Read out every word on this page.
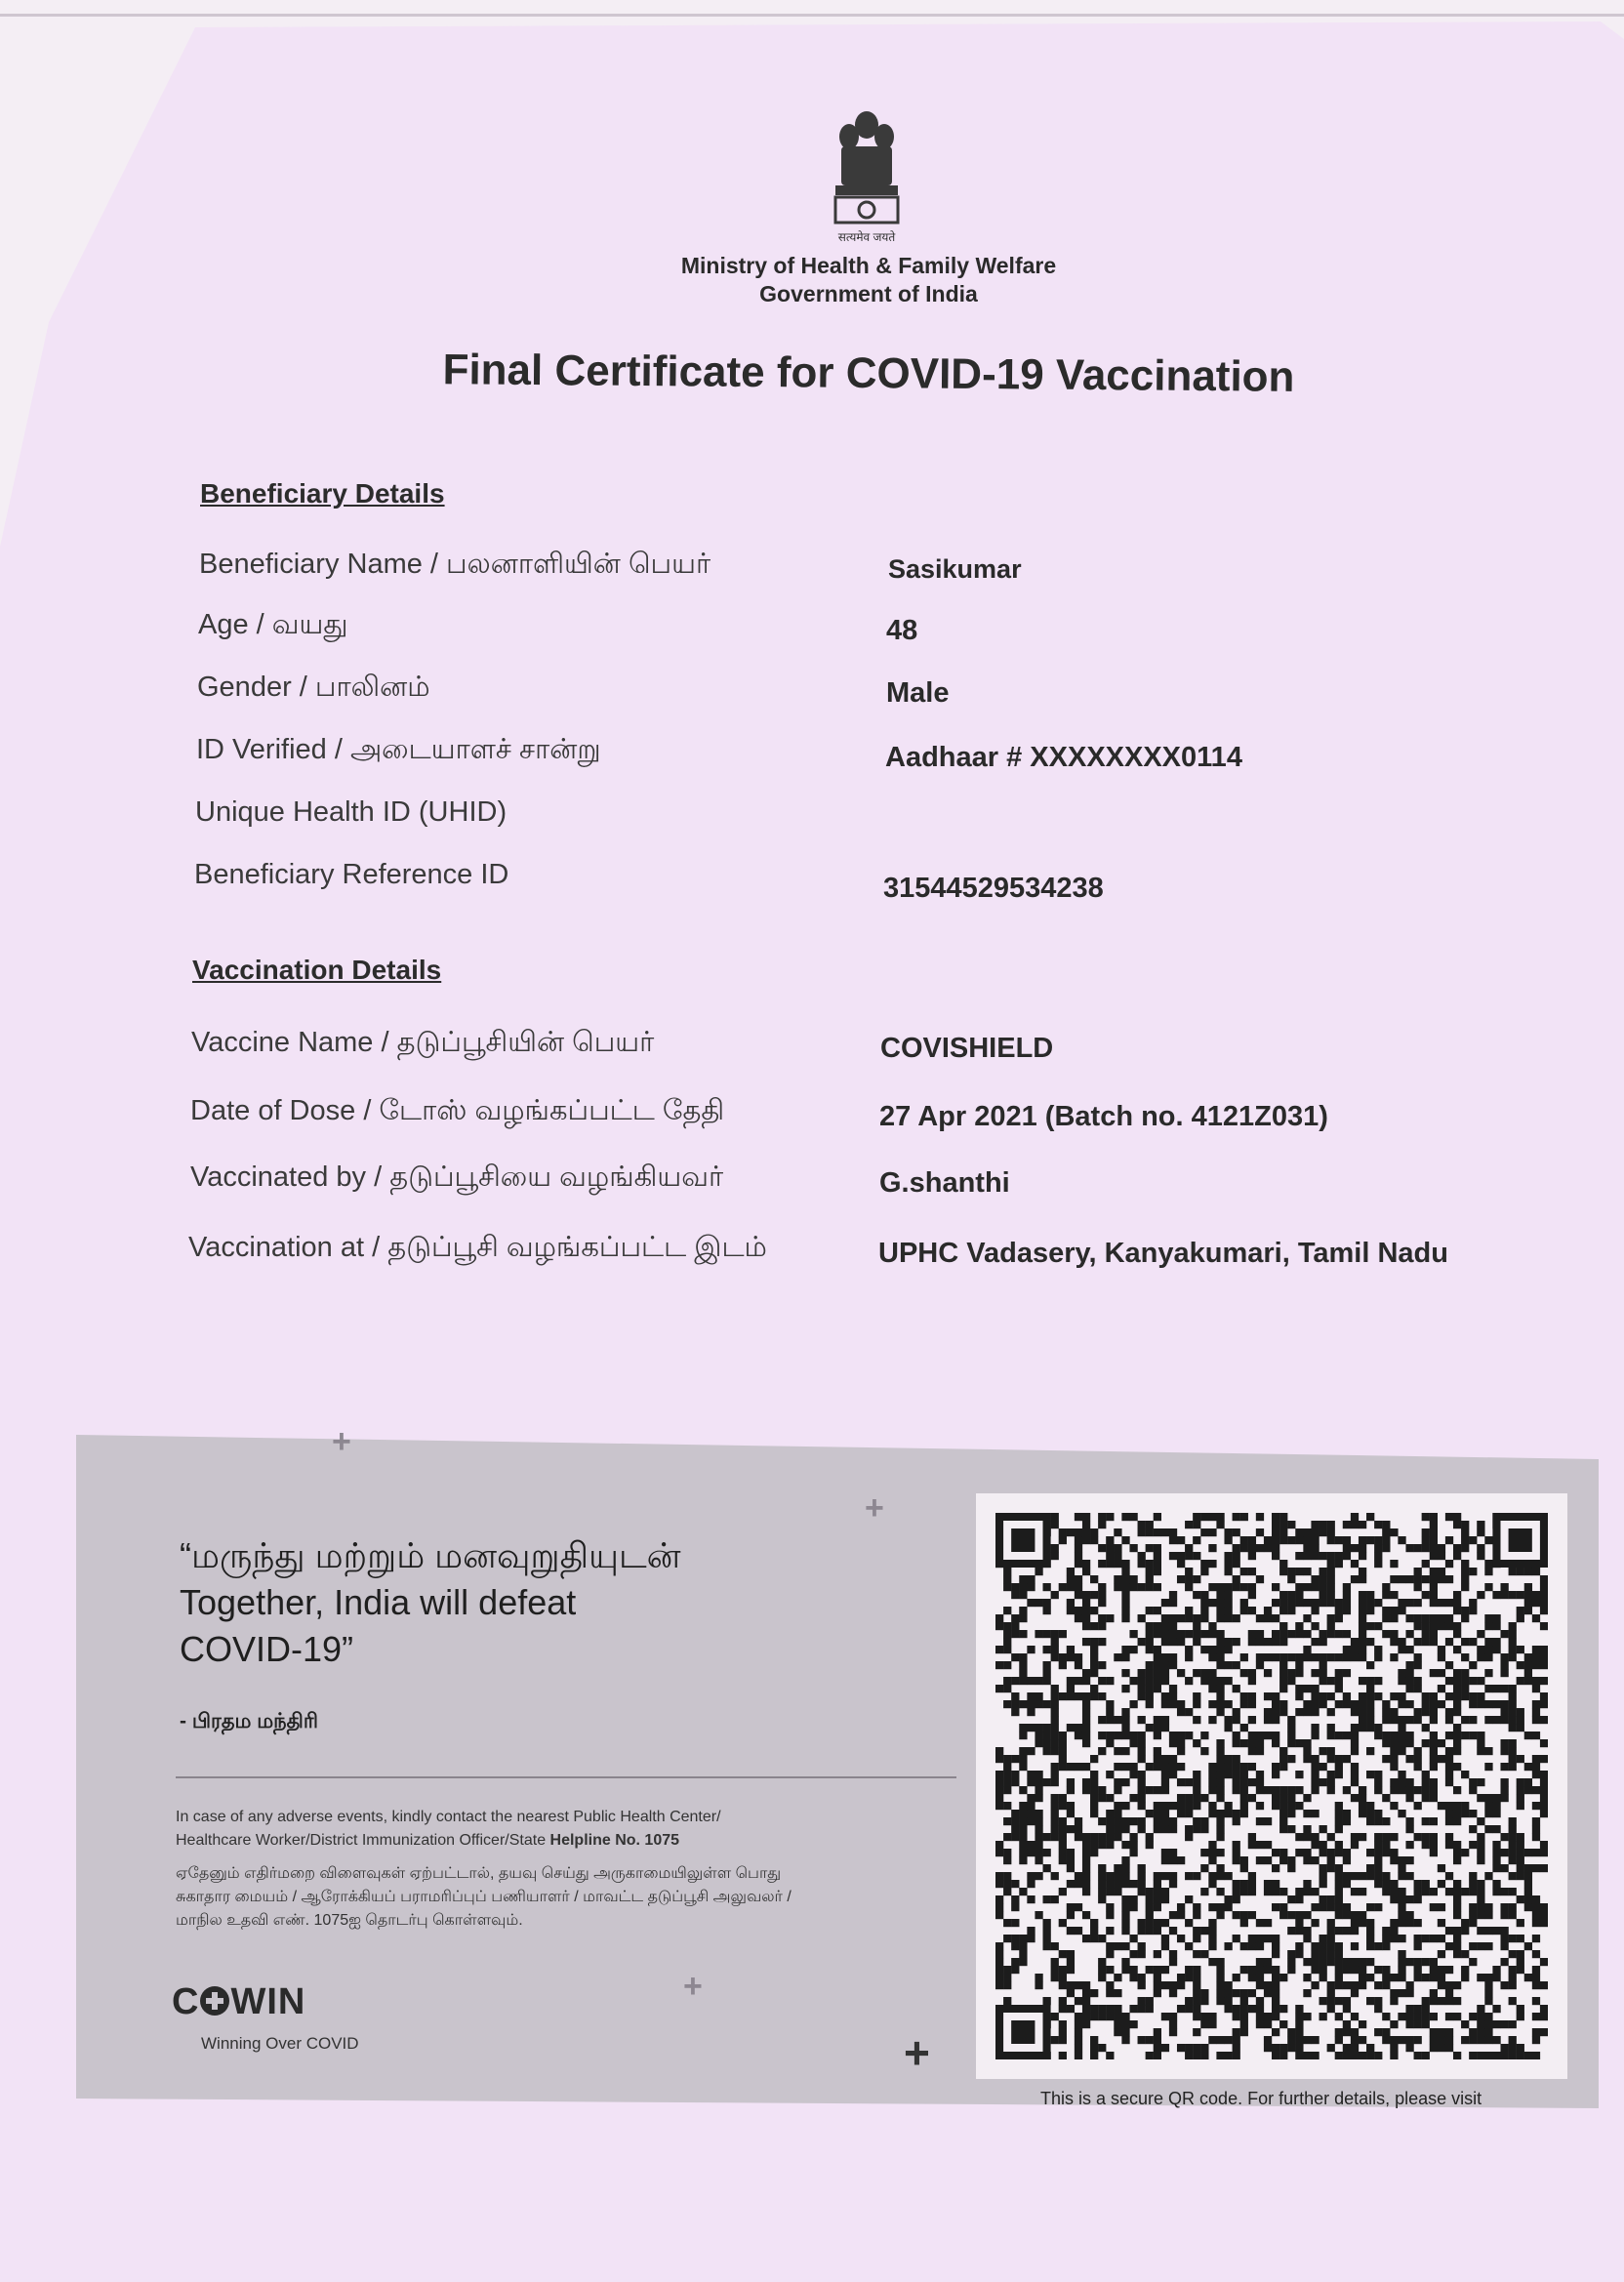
सत्यमेव जयते
Ministry of Health & Family Welfare
Government of India
Final Certificate for COVID-19 Vaccination
Beneficiary Details
Beneficiary Name / பலனாளியின் பெயர்	Sasikumar
Age / வயது	48
Gender / பாலினம்	Male
ID Verified / அடையாளச் சான்று	Aadhaar # XXXXXXXX0114
Unique Health ID (UHID)
Beneficiary Reference ID	31544529534238
Vaccination Details
Vaccine Name / தடுப்பூசியின் பெயர்	COVISHIELD
Date of Dose / டோஸ் வழங்கப்பட்ட தேதி	27 Apr 2021 (Batch no. 4121Z031)
Vaccinated by / தடுப்பூசியை வழங்கியவர்	G.shanthi
Vaccination at / தடுப்பூசி வழங்கப்பட்ட இடம்	UPHC Vadasery, Kanyakumari, Tamil Nadu
+
+
+
+
“மருந்து மற்றும் மனவுறுதியுடன்
Together, India will defeat
COVID-19”
- பிரதம மந்திரி
In case of any adverse events, kindly contact the nearest Public Health Center/
Healthcare Worker/District Immunization Officer/State Helpline No. 1075
ஏதேனும் எதிர்மறை விளைவுகள் ஏற்பட்டால், தயவு செய்து அருகாமையிலுள்ள பொது
சுகாதார மையம் / ஆரோக்கியப் பராமரிப்புப் பணியாளர் / மாவட்ட தடுப்பூசி அலுவலர் /
மாநில உதவி எண். 1075ஐ தொடர்பு கொள்ளவும்.
C WIN
Winning Over COVID
This is a secure QR code. For further details, please visit
